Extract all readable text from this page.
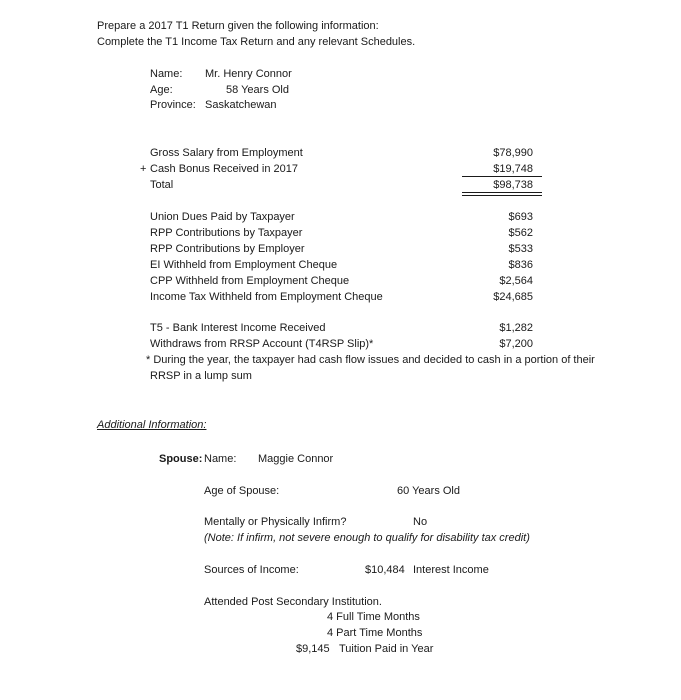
Prepare a 2017 T1 Return given the following information:
Complete the T1 Income Tax Return and any relevant Schedules.
Name: Mr. Henry Connor
Age:	58 Years Old
Province: Saskatchewan
Gross Salary from Employment	$78,990
+ Cash Bonus Received in 2017	$19,748
Total	$98,738
Union Dues Paid by Taxpayer	$693
RPP Contributions by Taxpayer	$562
RPP Contributions by Employer	$533
EI Withheld from Employment Cheque	$836
CPP Withheld from Employment Cheque	$2,564
Income Tax Withheld from Employment Cheque	$24,685
T5 - Bank Interest Income Received	$1,282
Withdraws from RRSP Account (T4RSP Slip)*	$7,200
* During the year, the taxpayer had cash flow issues and decided to cash in a portion of their
RRSP in a lump sum
Additional Information:
Spouse: Name: Maggie Connor
Age of Spouse:	60 Years Old
Mentally or Physically Infirm?	No
(Note: If infirm, not severe enough to qualify for disability tax credit)
Sources of Income:	$10,484 Interest Income
Attended Post Secondary Institution.
4 Full Time Months
4 Part Time Months
$9,145 Tuition Paid in Year
